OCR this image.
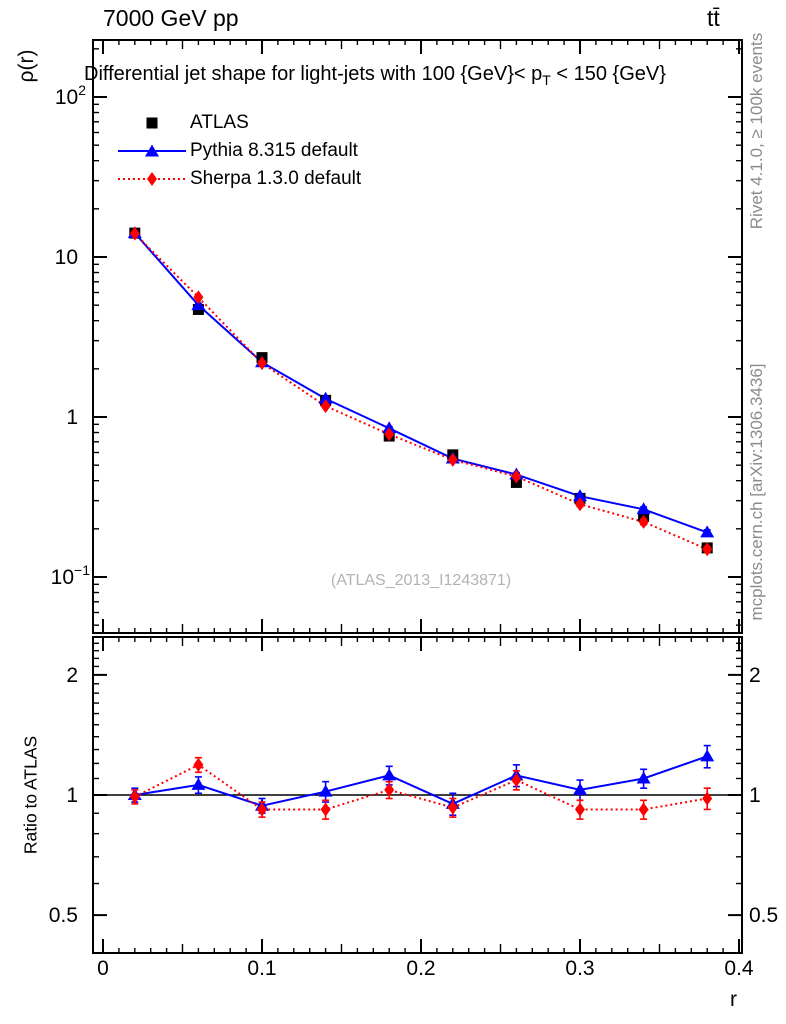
0	0.1	0.2	0.3	0.4
$10^2$
10
1
$10^{-1}$
2	2
1	1
0.5	0.5
7000 GeV pp	tt̄
ρ(r) Differential jet shape for light-jets with 100 $\{GeV\}< p_T < 150$ {GeV}
ATLAS
Pythia 8.315 default
Sherpa 1.3.0 default
(ATLAS_2013_I1243871)
Rivet 4.1.0, ≥ 100k events
mcplots.cern.ch [arXiv:1306.3436]
Ratio to ATLAS
r
